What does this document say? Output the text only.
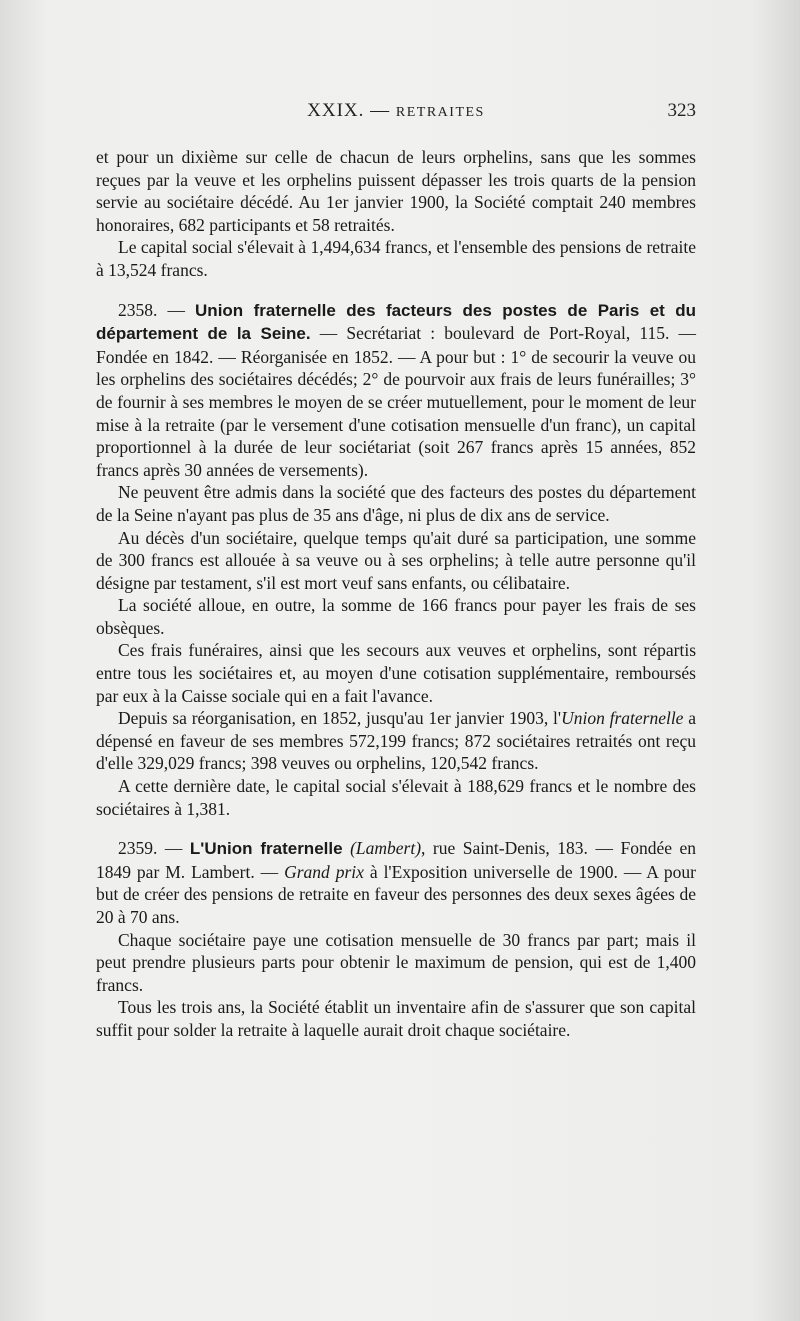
XXIX. — RETRAITES	323

et pour un dixième sur celle de chacun de leurs orphelins, sans que les sommes reçues par la veuve et les orphelins puissent dépasser les trois quarts de la pension servie au sociétaire décédé. Au 1er janvier 1900, la Société comptait 240 membres honoraires, 682 participants et 58 retraités.

Le capital social s'élevait à 1,494,634 francs, et l'ensemble des pensions de retraite à 13,524 francs.

2358. — Union fraternelle des facteurs des postes de Paris et du département de la Seine. — Secrétariat : boulevard de Port-Royal, 115. — Fondée en 1842. — Réorganisée en 1852. — A pour but : 1° de secourir la veuve ou les orphelins des sociétaires décédés; 2° de pourvoir aux frais de leurs funérailles; 3° de fournir à ses membres le moyen de se créer mutuellement, pour le moment de leur mise à la retraite (par le versement d'une cotisation mensuelle d'un franc), un capital proportionnel à la durée de leur sociétariat (soit 267 francs après 15 années, 852 francs après 30 années de versements).

Ne peuvent être admis dans la société que des facteurs des postes du département de la Seine n'ayant pas plus de 35 ans d'âge, ni plus de dix ans de service.

Au décès d'un sociétaire, quelque temps qu'ait duré sa participation, une somme de 300 francs est allouée à sa veuve ou à ses orphelins; à telle autre personne qu'il désigne par testament, s'il est mort veuf sans enfants, ou célibataire.

La société alloue, en outre, la somme de 166 francs pour payer les frais de ses obsèques.

Ces frais funéraires, ainsi que les secours aux veuves et orphelins, sont répartis entre tous les sociétaires et, au moyen d'une cotisation supplémentaire, remboursés par eux à la Caisse sociale qui en a fait l'avance.

Depuis sa réorganisation, en 1852, jusqu'au 1er janvier 1903, l'Union fraternelle a dépensé en faveur de ses membres 572,199 francs; 872 sociétaires retraités ont reçu d'elle 329,029 francs; 398 veuves ou orphelins, 120,542 francs.

A cette dernière date, le capital social s'élevait à 188,629 francs et le nombre des sociétaires à 1,381.

2359. — L'Union fraternelle (Lambert), rue Saint-Denis, 183. — Fondée en 1849 par M. Lambert. — Grand prix à l'Exposition universelle de 1900. — A pour but de créer des pensions de retraite en faveur des personnes des deux sexes âgées de 20 à 70 ans.

Chaque sociétaire paye une cotisation mensuelle de 30 francs par part; mais il peut prendre plusieurs parts pour obtenir le maximum de pension, qui est de 1,400 francs.

Tous les trois ans, la Société établit un inventaire afin de s'assurer que son capital suffit pour solder la retraite à laquelle aurait droit chaque sociétaire.
